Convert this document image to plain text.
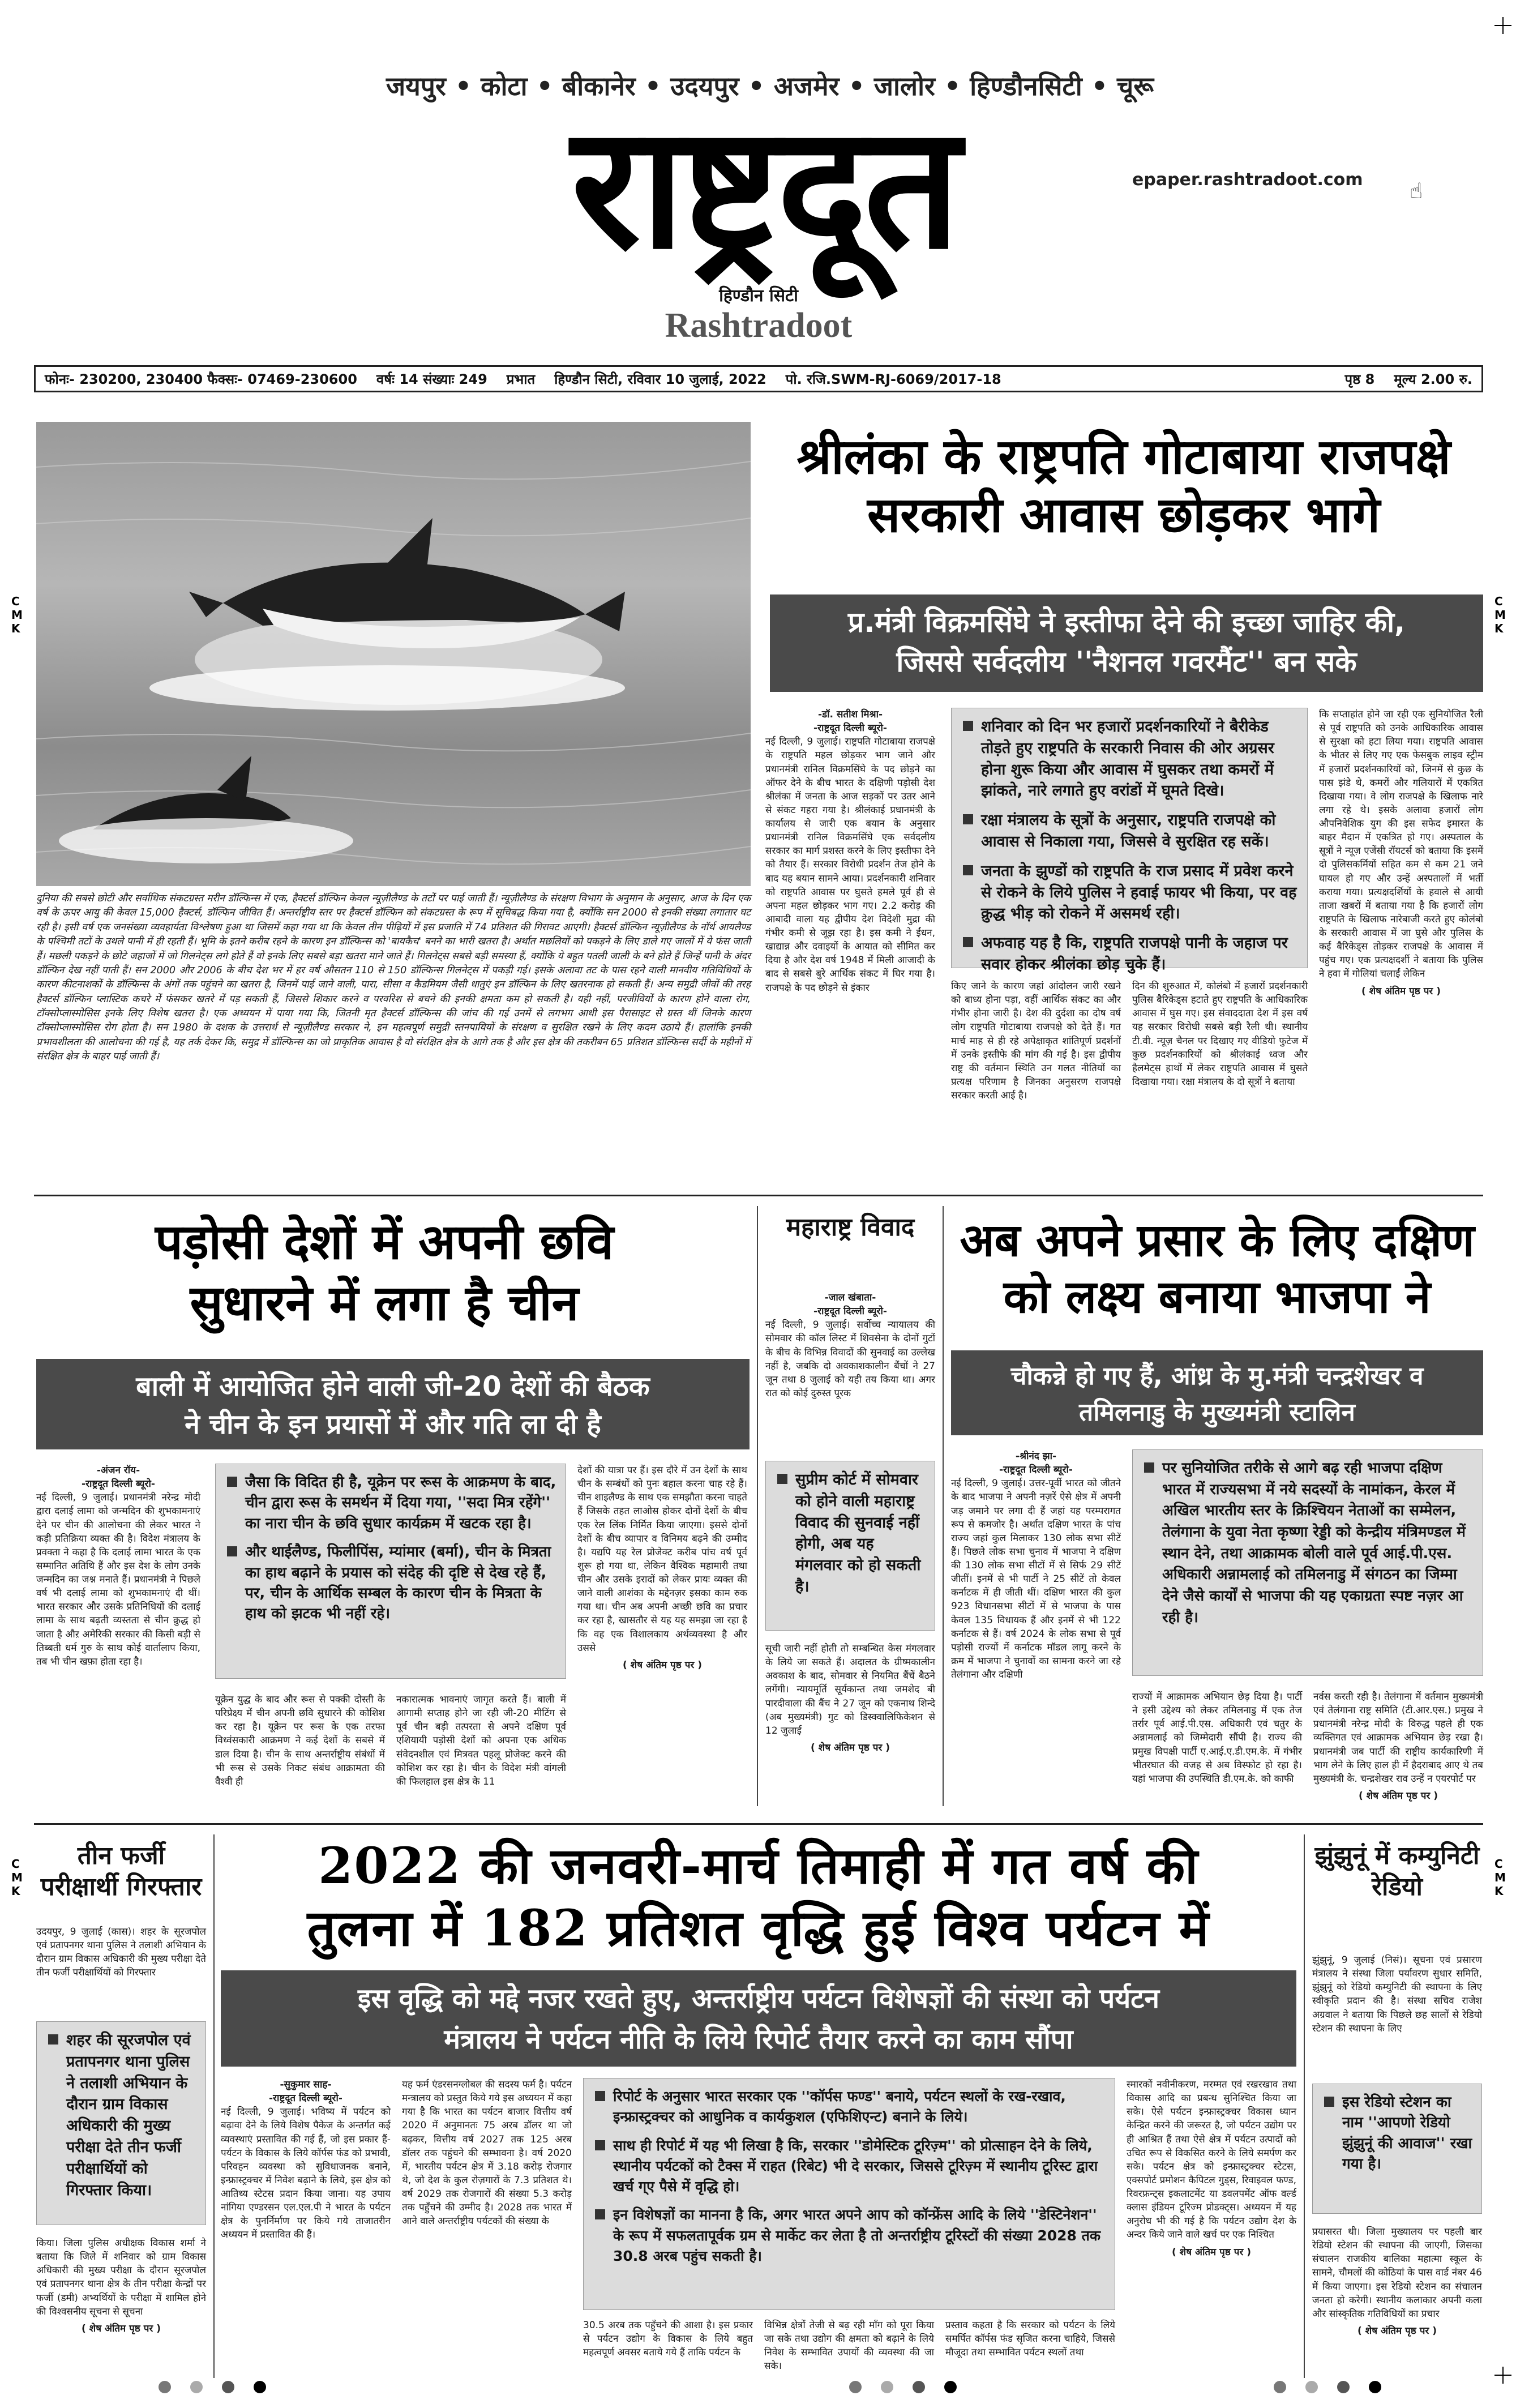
C
M
K
C
M
K
C
M
K
C
M
K
जयपुर • कोटा • बीकानेर • उदयपुर • अजमेर • जालोर • हिण्डौनसिटी • चूरू
राष्ट्रदूत	epaper.rashtradoot.com ☝
हिण्डौन सिटी
Rashtradoot
फोनः- 230200, 230400 फैक्सः- 07469-230600 वर्षः 14 संख्याः 249 प्रभात हिण्डौन सिटी, रविवार 10 जुलाई, 2022 पो. रजि.SWM-RJ-6069/2017-18	पृष्ठ 8 मूल्य 2.00 रु.
दुनिया की सबसे छोटी और सर्वाधिक संकटग्रस्त मरीन डॉल्फिन्स में एक, हैक्टर्स डॉल्फिन केवल न्यूज़ीलैण्ड के तटों पर पाई जाती हैं। न्यूज़ीलैण्ड के संरक्षण विभाग के अनुमान के अनुसार, आज के दिन एक वर्ष के ऊपर आयु की केवल 15,000 हैक्टर्स, डॉल्फिन जीवित हैं। अन्तर्राष्ट्रीय स्तर पर हैक्टर्स डॉल्फिन को संकटग्रस्त के रूप में सूचिबद्ध किया गया है, क्योंकि सन 2000 से इनकी संख्या लगातार घट रही है। इसी वर्ष एक जनसंख्या व्यवहार्यता विश्लेषण हुआ था जिसमें कहा गया था कि केवल तीन पीढ़ियों में इस प्रजाति में 74 प्रतिशत की गिरावट आएगी। हैक्टर्स डॉल्फिन न्यूज़ीलैण्ड के नॉर्थ आयलैण्ड के पश्चिमी तटों के उथले पानी में ही रहती हैं। भूमि के इतने करीब रहने के कारण इन डॉल्फिन्स को 'बायकैच' बनने का भारी खतरा है। अर्थात मछलियों को पकड़ने के लिए डाले गए जालों में ये फंस जाती हैं। मछली पकड़ने के छोटे जहाजों में जो गिलनेट्स लगे होते हैं वो इनके लिए सबसे बड़ा खतरा माने जाते हैं। गिलनेट्स सबसे बड़ी समस्या हैं, क्योंकि ये बहुत पतली जाली के बने होते हैं जिन्हें पानी के अंदर डॉल्फिन देख नहीं पाती हैं। सन 2000 और 2006 के बीच देश भर में हर वर्ष औसतन 110 से 150 डॉल्फिन्स गिलनेट्स में पकड़ी गई। इसके अलावा तट के पास रहने वाली मानवीय गतिविधियों के कारण कीटनाशकों के डॉल्फिन्स के अंगों तक पहुंचने का खतरा है, जिनमें पाई जाने वाली, पारा, सीसा व कैडमियम जैसी धातुएं इन डॉल्फिन के लिए खतरनाक हो सकती हैं। अन्य समुद्री जीवों की तरह हैक्टर्स डॉल्फिन प्लास्टिक कचरे में फंसकर खतरे में पड़ सकती हैं, जिससे शिकार करने व परवरिश से बचने की इनकी क्षमता कम हो सकती है। यही नहीं, परजीवियों के कारण होने वाला रोग, टॉक्सोप्लास्मोसिस इनके लिए विशेष खतरा है। एक अध्ययन में पाया गया कि, जितनी मृत हैक्टर्स डॉल्फिन्स की जांच की गई उनमें से लगभग आधी इस पैरासाइट से ग्रस्त थीं जिनके कारण टॉक्सोप्लास्मोसिस रोग होता है। सन 1980 के दशक के उत्तरार्ध से न्यूज़ीलैण्ड सरकार ने, इन महत्वपूर्ण समुद्री स्तनपायियों के संरक्षण व सुरक्षित रखने के लिए कदम उठाये हैं। हालांकि इनकी प्रभावशीलता की आलोचना की गई है, यह तर्क देकर कि, समुद्र में डॉल्फिन्स का जो प्राकृतिक आवास है वो संरक्षित क्षेत्र के आगे तक है और इस क्षेत्र की तकरीबन 65 प्रतिशत डॉल्फिन्स सर्दी के महीनों में संरक्षित क्षेत्र के बाहर पाई जाती हैं।
श्रीलंका के राष्ट्रपति गोटाबाया राजपक्षे
सरकारी आवास छोड़कर भागे
प्र.मंत्री विक्रमसिंघे ने इस्तीफा देने की इच्छा जाहिर की,
जिससे सर्वदलीय ''नैशनल गवरमैंट'' बन सके
-डॉ. सतीश मिश्रा-
-राष्ट्रदूत दिल्ली ब्यूरो-

नई दिल्ली, 9 जुलाई। राष्ट्रपति गोटाबाया राजपक्षे के राष्ट्रपति महल छोड़कर भाग जाने और प्रधानमंत्री रानिल विक्रमसिंघे के पद छोड़ने का ऑफर देने के बीच भारत के दक्षिणी पड़ोसी देश श्रीलंका में जनता के आज सड़कों पर उतर आने से संकट गहरा गया है। श्रीलंकाई प्रधानमंत्री के कार्यालय से जारी एक बयान के अनुसार प्रधानमंत्री रानिल विक्रमसिंघे एक सर्वदलीय सरकार का मार्ग प्रशस्त करने के लिए इस्तीफा देने को तैयार हैं। सरकार विरोधी प्रदर्शन तेज होने के बाद यह बयान सामने आया। प्रदर्शनकारी शनिवार को राष्ट्रपति आवास पर घुसते हमले पूर्व ही से अपना महल छोड़कर भाग गए। 2.2 करोड़ की आबादी वाला यह द्वीपीय देश विदेशी मुद्रा की गंभीर कमी से जूझ रहा है। इस कमी ने ईंधन, खाद्यान्न और दवाइयों के आयात को सीमित कर दिया है और देश वर्ष 1948 में मिली आजादी के बाद से सबसे बुरे आर्थिक संकट में घिर गया है। राजपक्षे के पद छोड़ने से इंकार

शनिवार को दिन भर हजारों प्रदर्शनकारियों ने बैरीकेड तोड़ते हुए राष्ट्रपति के सरकारी निवास की ओर अग्रसर होना शुरू किया और आवास में घुसकर तथा कमरों में झांकते, नारे लगाते हुए वरांडों में घूमते दिखे।
रक्षा मंत्रालय के सूत्रों के अनुसार, राष्ट्रपति राजपक्षे को आवास से निकाला गया, जिससे वे सुरक्षित रह सकें।
जनता के झुण्डों को राष्ट्रपति के राज प्रसाद में प्रवेश करने से रोकने के लिये पुलिस ने हवाई फायर भी किया, पर वह क्रुद्ध भीड़ को रोकने में असमर्थ रही।
अफवाह यह है कि, राष्ट्रपति राजपक्षे पानी के जहाज पर सवार होकर श्रीलंका छोड़ चुके हैं।
किए जाने के कारण जहां आंदोलन जारी रखने को बाध्य होना पड़ा, वहीं आर्थिक संकट का और गंभीर होना जारी है। देश की दुर्दशा का दोष वर्ष लोग राष्ट्रपति गोटाबाया राजपक्षे को देते हैं। गत मार्च माह से ही रहे अपेक्षाकृत शांतिपूर्ण प्रदर्शनों में उनके इस्तीफे की मांग की गई है। इस द्वीपीय राष्ट्र की वर्तमान स्थिति उन गलत नीतियों का प्रत्यक्ष परिणाम है जिनका अनुसरण राजपक्षे सरकार करती आई है।
दिन की शुरुआत में, कोलंबो में हजारों प्रदर्शनकारी पुलिस बैरिकेड्स हटाते हुए राष्ट्रपति के आधिकारिक आवास में घुस गए। इस संवाददाता देश में इस वर्ष यह सरकार विरोधी सबसे बड़ी रैली थी। स्थानीय टी.वी. न्यूज़ चैनल पर दिखाए गए वीडियो फुटेज में कुछ प्रदर्शनकारियों को श्रीलंकाई ध्वज और हैलमेट्स हाथों में लेकर राष्ट्रपति आवास में घुसते दिखाया गया। रक्षा मंत्रालय के दो सूत्रों ने बताया

कि सप्ताहांत होने जा रही एक सुनियोजित रैली से पूर्व राष्ट्रपति को उनके आधिकारिक आवास से सुरक्षा को हटा लिया गया। राष्ट्रपति आवास के भीतर से लिए गए एक फेसबुक लाइव स्ट्रीम में हजारों प्रदर्शनकारियों को, जिनमें से कुछ के पास झंडे थे, कमरों और गलियारों में एकत्रित दिखाया गया। वे लोग राजपक्षे के खिलाफ नारे लगा रहे थे। इसके अलावा हजारों लोग औपनिवेशिक युग की इस सफेद इमारत के बाहर मैदान में एकत्रित हो गए। अस्पताल के सूत्रों ने न्यूज़ एजेंसी रॉयटर्स को बताया कि इसमें दो पुलिसकर्मियों सहित कम से कम 21 जने घायल हो गए और उन्हें अस्पतालों में भर्ती कराया गया। प्रत्यक्षदर्शियों के हवाले से आयी ताजा खबरों में बताया गया है कि हजारों लोग राष्ट्रपति के खिलाफ नारेबाजी करते हुए कोलंबो के सरकारी आवास में जा घुसे और पुलिस के कई बैरिकेड्स तोड़कर राजपक्षे के आवास में पहुंच गए। एक प्रत्यक्षदर्शी ने बताया कि पुलिस ने हवा में गोलियां चलाईं लेकिन

( शेष अंतिम पृष्ठ पर )
पड़ोसी देशों में अपनी छवि
सुधारने में लगा है चीन
बाली में आयोजित होने वाली जी-20 देशों की बैठक
ने चीन के इन प्रयासों में और गति ला दी है
-अंजन रॉय-
-राष्ट्रदूत दिल्ली ब्यूरो-

नई दिल्ली, 9 जुलाई। प्रधानमंत्री नरेन्द्र मोदी द्वारा दलाई लामा को जन्मदिन की शुभकामनाएं देने पर चीन की आलोचना की लेकर भारत ने कड़ी प्रतिक्रिया व्यक्त की है। विदेश मंत्रालय के प्रवक्ता ने कहा है कि दलाई लामा भारत के एक सम्मानित अतिथि हैं और इस देश के लोग उनके जन्मदिन का जश्न मनाते हैं। प्रधानमंत्री ने पिछले वर्ष भी दलाई लामा को शुभकामनाएं दी थीं। भारत सरकार और उसके प्रतिनिधियों की दलाई लामा के साथ बढ़ती व्यस्तता से चीन क्रुद्ध हो जाता है औऱ अमेरिकी सरकार की किसी बड़ी से तिब्बती धर्म गुरु के साथ कोई वार्तालाप किया, तब भी चीन खफ़ा होता रहा है।

जैसा कि विदित ही है, यूक्रेन पर रूस के आक्रमण के बाद, चीन द्वारा रूस के समर्थन में दिया गया, ''सदा मित्र रहेंगे'' का नारा चीन के छवि सुधार कार्यक्रम में खटक रहा है।
और थाईलैण्ड, फिलीपिंस, म्यांमार (बर्मा), चीन के मित्रता का हाथ बढ़ाने के प्रयास को संदेह की दृष्टि से देख रहे हैं, पर, चीन के आर्थिक सम्बल के कारण चीन के मित्रता के हाथ को झटक भी नहीं रहे।
यूक्रेन युद्ध के बाद और रूस से पक्की दोस्ती के परिप्रेक्ष्य में चीन अपनी छवि सुधारने की कोशिश कर रहा है। यूक्रेन पर रूस के एक तरफा विध्वंसकारी आक्रमण ने कई देशों के सबसे में डाल दिया है। चीन के साथ अन्तर्राष्ट्रीय संबंधों में भी रूस से उसके निकट संबंध आक्रामता की वैश्वी ही
नकारात्मक भावनाएं जागृत करते हैं। बाली में आगामी सप्ताह होने जा रही जी-20 मीटिंग से पूर्व चीन बड़ी तत्परता से अपने दक्षिण पूर्व एशियायी पड़ोसी देशों को अपना एक अधिक संवेदनशील एवं मित्रवत पहलू प्रोजेक्ट करने की कोशिश कर रहा है। चीन के विदेश मंत्री वांगली की फिलहाल इस क्षेत्र के 11

देशों की यात्रा पर हैं। इस दौरे में उन देशों के साथ चीन के सम्बंधों को पुनः बहाल करना चाह रहे हैं। चीन शाइलैण्ड के साथ एक समझौता करना चाहते हैं जिसके तहत लाओस होकर दोनों देशों के बीच एक रेल लिंक निर्मित किया जाएगा। इससे दोनों देशों के बीच व्यापार व विनिमय बढ़ने की उम्मीद है। यद्यपि यह रेल प्रोजेक्ट करीब पांच वर्ष पूर्व शुरू हो गया था, लेकिन वैश्विक महामारी तथा चीन और उसके इरादों को लेकर प्रायः व्यक्त की जाने वाली आशंका के मद्देनज़र इसका काम रुक गया था। चीन अब अपनी अच्छी छवि का प्रचार कर रहा है, खासतौर से यह यह समझा जा रहा है कि वह एक विशालकाय अर्थव्यवस्था है और उससे

( शेष अंतिम पृष्ठ पर )
महाराष्ट्र विवाद
-जाल खंबाता-
-राष्ट्रदूत दिल्ली ब्यूरो-

नई दिल्ली, 9 जुलाई। सर्वोच्च न्यायालय की सोमवार की कॉल लिस्ट में शिवसेना के दोनों गुटों के बीच के विभिन्न विवादों की सुनवाई का उल्लेख नहीं है, जबकि दो अवकाशकालीन बैंचों ने 27 जून तथा 8 जुलाई को यही तय किया था। अगर रात को कोई दुरुस्त पूरक

सुप्रीम कोर्ट में सोमवार को होने वाली महाराष्ट्र विवाद की सुनवाई नहीं होगी, अब यह मंगलवार को हो सकती है।

सूची जारी नहीं होती तो सम्बन्धित केस मंगलवार के लिये जा सकते हैं। अदालत के ग्रीष्मकालीन अवकाश के बाद, सोमवार से नियमित बैंचें बैठने लगेंगी। न्यायमूर्ति सूर्यकान्त तथा जमशेद बी पारदीवाला की बैंच ने 27 जून को एकनाथ शिन्दे (अब मुख्यमंत्री) गुट को डिस्क्वालिफिकेशन से 12 जुलाई

( शेष अंतिम पृष्ठ पर )
अब अपने प्रसार के लिए दक्षिण
को लक्ष्य बनाया भाजपा ने
चौकन्ने हो गए हैं, आंध्र के मु.मंत्री चन्द्रशेखर व
तमिलनाडु के मुख्यमंत्री स्टालिन
-श्रीनंद झा-
-राष्ट्रदूत दिल्ली ब्यूरो-

नई दिल्ली, 9 जुलाई। उत्तर-पूर्वी भारत को जीतने के बाद भाजपा ने अपनी नज़रें ऐसे क्षेत्र में अपनी जड़ जमाने पर लगा दी हैं जहां यह परम्परागत रूप से कमजोर है। अर्थात दक्षिण भारत के पांच राज्य जहां कुल मिलाकर 130 लोक सभा सीटें हैं। पिछले लोक सभा चुनाव में भाजपा ने दक्षिण की 130 लोक सभा सीटों में से सिर्फ 29 सीटें जीतीं। इनमें से भी पार्टी ने 25 सीटें तो केवल कर्नाटक में ही जीती थीं। दक्षिण भारत की कुल 923 विधानसभा सीटों में से भाजपा के पास केवल 135 विधायक हैं और इनमें से भी 122 कर्नाटक से हैं। वर्ष 2024 के लोक सभा से पूर्व पड़ोसी राज्यों में कर्नाटक मॉडल लागू करने के क्रम में भाजपा ने चुनावों का सामना करने जा रहे तेलंगाना और दक्षिणी

पर सुनियोजित तरीके से आगे बढ़ रही भाजपा दक्षिण भारत में राज्यसभा में नये सदस्यों के नामांकन, केरल में अखिल भारतीय स्तर के क्रिश्चियन नेताओं का सम्मेलन, तेलंगाना के युवा नेता कृष्णा रेड्डी को केन्द्रीय मंत्रिमण्डल में स्थान देने, तथा आक्रामक बोली वाले पूर्व आई.पी.एस. अधिकारी अन्नामलाई को तमिलनाडु में संगठन का जिम्मा देने जैसे कार्यों से भाजपा की यह एकाग्रता स्पष्ट नज़र आ रही है।
राज्यों में आक्रामक अभियान छेड़ दिया है। पार्टी ने इसी उद्देश्य को लेकर तमिलनाडु में एक तेज तर्रार पूर्व आई.पी.एस. अधिकारी एवं चतुर के अन्नामलाई को जिम्मेदारी सौंपी है। राज्य की प्रमुख विपक्षी पार्टी ए.आई.ए.डी.एम.के. में गंभीर भीतरघात की वजह से अब विस्फोट हो रहा है। यहां भाजपा की उपस्थिति डी.एम.के. को काफी

नर्वस करती रही है। तेलंगाना में वर्तमान मुख्यमंत्री एवं तेलंगाना राष्ट्र समिति (टी.आर.एस.) प्रमुख ने प्रधानमंत्री नरेन्द्र मोदी के विरुद्ध पहले ही एक व्यक्तिगत एवं आक्रामक अभियान छेड़ रखा है। प्रधानमंत्री जब पार्टी की राष्ट्रीय कार्यकारिणी में भाग लेने के लिए हाल ही में हैदराबाद आए थे तब मुख्यमंत्री के. चन्द्रशेखर राव उन्हें न एयरपोर्ट पर

( शेष अंतिम पृष्ठ पर )
तीन फर्जी परीक्षार्थी गिरफ्तार
उदयपुर, 9 जुलाई (कास)। शहर के सूरजपोल एवं प्रतापनगर थाना पुलिस ने तलाशी अभियान के दौरान ग्राम विकास अधिकारी की मुख्य परीक्षा देते तीन फर्जी परीक्षार्थियों को गिरफ्तार
शहर की सूरजपोल एवं प्रतापनगर थाना पुलिस ने तलाशी अभियान के दौरान ग्राम विकास अधिकारी की मुख्य परीक्षा देते तीन फर्जी परीक्षार्थियों को गिरफ्तार किया।

किया। जिला पुलिस अधीक्षक विकास शर्मा ने बताया कि जिले में शनिवार को ग्राम विकास अधिकारी की मुख्य परीक्षा के दौरान सूरजपोल एवं प्रतापनगर थाना क्षेत्र के तीन परीक्षा केन्द्रों पर फर्जी (डमी) अभ्यर्थियों के परीक्षा में शामिल होने की विश्वसनीय सूचना से सूचना

( शेष अंतिम पृष्ठ पर )
2022 की जनवरी-मार्च तिमाही में गत वर्ष की
तुलना में 182 प्रतिशत वृद्धि हुई विश्व पर्यटन में
इस वृद्धि को मद्दे नजर रखते हुए, अन्तर्राष्ट्रीय पर्यटन विशेषज्ञों की संस्था को पर्यटन
मंत्रालय ने पर्यटन नीति के लिये रिपोर्ट तैयार करने का काम सौंपा
-सुकुमार साह-
-राष्ट्रदूत दिल्ली ब्यूरो-

नई दिल्ली, 9 जुलाई। भविष्य में पर्यटन को बढ़ावा देने के लिये विशेष पैकेज के अन्तर्गत कई व्यवस्थाएं प्रस्तावित की गई हैं, जो इस प्रकार हैं- पर्यटन के विकास के लिये कॉर्पस फंड को प्रभावी, परिवहन व्यवस्था को सुविधाजनक बनाने, इन्फ्रास्ट्रक्चर में निवेश बढ़ाने के लिये, इस क्षेत्र को आतिथ्य स्टेटस प्रदान किया जाना। यह उपाय नांगिया एण्डरसन एल.एल.पी ने भारत के पर्यटन क्षेत्र के पुनर्निर्माण पर किये गये ताजातरीन अध्ययन में प्रस्तावित की हैं।

यह फर्म एंडरसनग्लोबल की सदस्य फर्म है। पर्यटन मन्त्रालय को प्रस्तुत किये गये इस अध्ययन में कहा गया है कि भारत का पर्यटन बाजार वित्तीय वर्ष 2020 में अनुमानतः 75 अरब डॉलर था जो बढ़कर, वित्तीय वर्ष 2027 तक 125 अरब डॉलर तक पहुंचने की सम्भावना है। वर्ष 2020 में, भारतीय पर्यटन क्षेत्र में 3.18 करोड़ रोजगार थे, जो देश के कुल रोज़गारों के 7.3 प्रतिशत थे। वर्ष 2029 तक रोजगारों की संख्या 5.3 करोड़ तक पहुँचने की उम्मीद है। 2028 तक भारत में आने वाले अन्तर्राष्ट्रीय पर्यटकों की संख्या के
रिपोर्ट के अनुसार भारत सरकार एक ''कॉर्पस फण्ड'' बनाये, पर्यटन स्थलों के रख-रखाव, इन्फ्रास्ट्रक्चर को आधुनिक व कार्यकुशल (एफिशिएन्ट) बनाने के लिये।
साथ ही रिपोर्ट में यह भी लिखा है कि, सरकार ''डोमेस्टिक टूरिज़्म'' को प्रोत्साहन देने के लिये, स्थानीय पर्यटकों को टैक्स में राहत (रिबेट) भी दे सरकार, जिससे टूरिज़्म में स्थानीय टूरिस्ट द्वारा खर्च ग्ए पैसे में वृद्धि हो।
इन विशेषज्ञों का मानना है कि, अगर भारत अपने आप को कॉन्फ्रेंस आदि के लिये ''डेस्टिनेशन'' के रूप में सफलतापूर्वक ग्रम से मार्केट कर लेता है तो अन्तर्राष्ट्रीय टूरिस्टों की संख्या 2028 तक 30.8 अरब पहुंच सकती है।
30.5 अरब तक पहुँचने की आशा है। इस प्रकार से पर्यटन उद्योग के विकास के लिये बहुत महत्वपूर्ण अवसर बताये गये हैं ताकि पर्यटन के
विभिन्न क्षेत्रों तेजी से बढ़ रही माँग को पूरा किया जा सके तथा उद्योग की क्षमता को बढ़ाने के लिये निवेश के सम्भावित उपायों की व्यवस्था की जा सके।
प्रस्ताव कहता है कि सरकार को पर्यटन के लिये समर्पित कॉर्पस फंड सृजित करना चाहिये, जिससे मौजूदा तथा सम्भावित पर्यटन स्थलों तथा

स्मारकों नवीनीकरण, मरम्मत एवं रखरखाव तथा विकास आदि का प्रबन्ध सुनिश्चित किया जा सके। ऐसे पर्यटन इन्फ्रास्ट्रक्चर विकास ध्यान केन्द्रित करने की जरूरत है, जो पर्यटन उद्योग पर ही आश्रित हैं तथा ऐसे क्षेत्र में पर्यटन उत्पादों को उचित रूप से विकसित करने के लिये समर्पण कर सके। पर्यटन क्षेत्र को इन्फ्रास्ट्रक्चर स्टेटस, एक्सपोर्ट प्रमोशन कैपिटल गुड्स, रिवाइवल फण्ड, रिवरफ्रन्ट्स इकलाटमेंट या डवलपमेंट ऑफ वर्ल्ड क्लास इंडियन टूरिज्म प्रोडक्ट्स। अध्ययन में यह अनुरोध भी की गई है कि पर्यटन उद्योग देश के अन्दर किये जाने वाले खर्च पर एक निश्चित

( शेष अंतिम पृष्ठ पर )
झुंझुनूं में कम्युनिटी रेडियो
झुंझुनूं, 9 जुलाई (निसं)। सूचना एवं प्रसारण मंत्रालय ने संस्था जिला पर्यावरण सुधार समिति, झुंझुनूं को रेडियो कम्युनिटी की स्थापना के लिए स्वीकृति प्रदान की है। संस्था सचिव राजेश अग्रवाल ने बताया कि पिछले छह सालों से रेडियो स्टेशन की स्थापना के लिए
इस रेडियो स्टेशन का नाम ''आपणो रेडियो झुंझुनूं की आवाज'' रखा गया है।

प्रयासरत थी। जिला मुख्यालय पर पहली बार रेडियो स्टेशन की स्थापना की जाएगी, जिसका संचालन राजकीय बालिका महात्मा स्कूल के सामने, चौमलों की कोठियां के पास वार्ड नंबर 46 में किया जाएगा। इस रेडियो स्टेशन का संचालन जनता हो करेगी। स्थानीय कलाकार अपनी कला और सांस्कृतिक गतिविधियों का प्रचार

( शेष अंतिम पृष्ठ पर )
